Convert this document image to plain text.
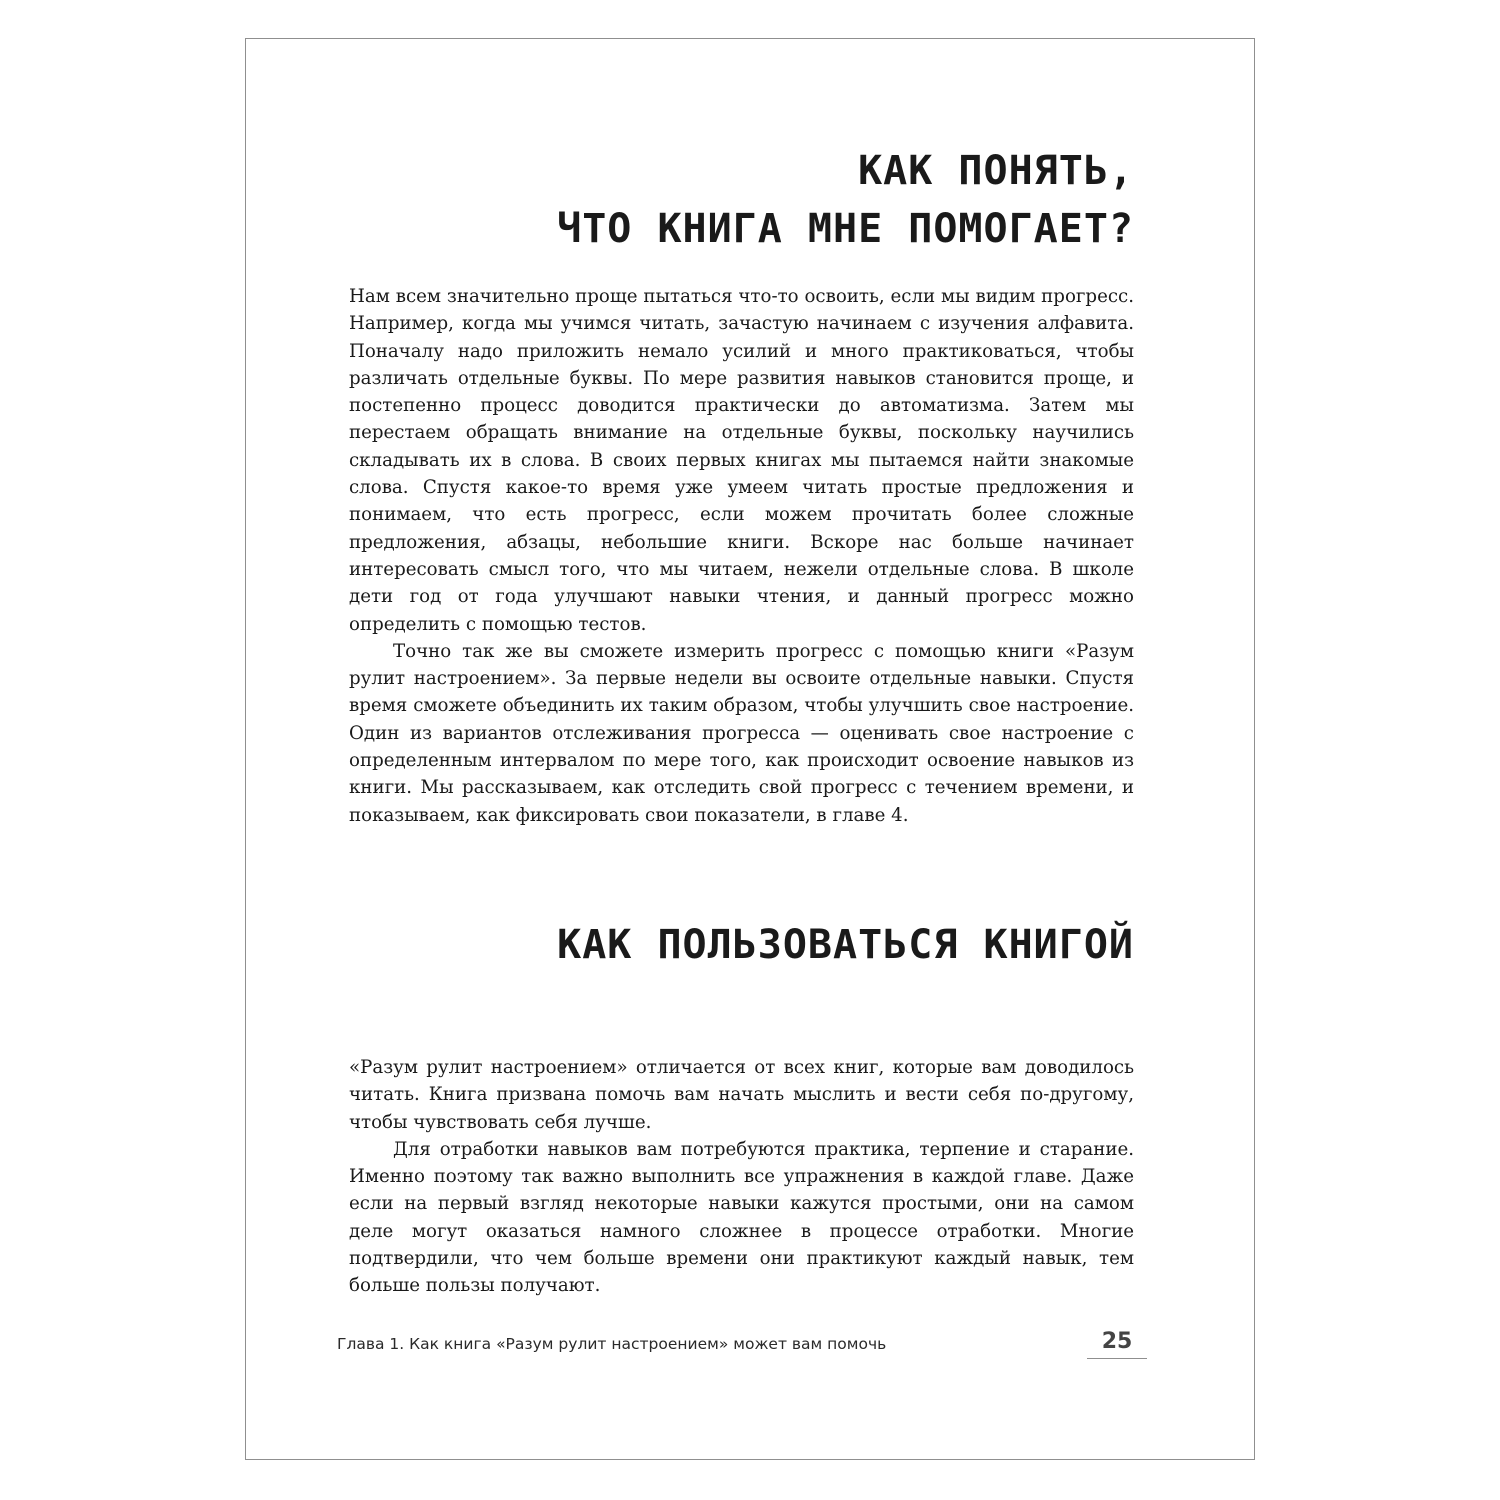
КАК ПОНЯТЬ,
ЧТО КНИГА МНЕ ПОМОГАЕТ?

Нам всем значительно проще пытаться что-то освоить, если мы видим прогресс. Например, когда мы учимся читать, зачастую начинаем с изучения алфавита. Поначалу надо приложить немало усилий и много практиковаться, чтобы различать отдельные буквы. По мере развития навыков становится проще, и постепенно процесс доводится практически до автоматизма. Затем мы перестаем обращать внимание на отдельные буквы, поскольку научились складывать их в слова. В своих первых книгах мы пытаемся найти знакомые слова. Спустя какое-то время уже умеем читать простые предложения и понимаем, что есть прогресс, если можем прочитать более сложные предложения, абзацы, небольшие книги. Вскоре нас больше начинает интересовать смысл того, что мы читаем, нежели отдельные слова. В школе дети год от года улучшают навыки чтения, и данный прогресс можно определить с помощью тестов.

Точно так же вы сможете измерить прогресс с помощью книги «Разум рулит настроением». За первые недели вы освоите отдельные навыки. Спустя время сможете объединить их таким образом, чтобы улучшить свое настроение. Один из вариантов отслеживания прогресса — оценивать свое настроение с определенным интервалом по мере того, как происходит освоение навыков из книги. Мы рассказываем, как отследить свой прогресс с течением времени, и показываем, как фиксировать свои показатели, в главе 4.

КАК ПОЛЬЗОВАТЬСЯ КНИГОЙ

«Разум рулит настроением» отличается от всех книг, которые вам доводилось читать. Книга призвана помочь вам начать мыслить и вести себя по-другому, чтобы чувствовать себя лучше.

Для отработки навыков вам потребуются практика, терпение и старание. Именно поэтому так важно выполнить все упражнения в каждой главе. Даже если на первый взгляд некоторые навыки кажутся простыми, они на самом деле могут оказаться намного сложнее в процессе отработки. Многие подтвердили, что чем больше времени они практикуют каждый навык, тем больше пользы получают.

Глава 1. Как книга «Разум рулит настроением» может вам помочь	25
